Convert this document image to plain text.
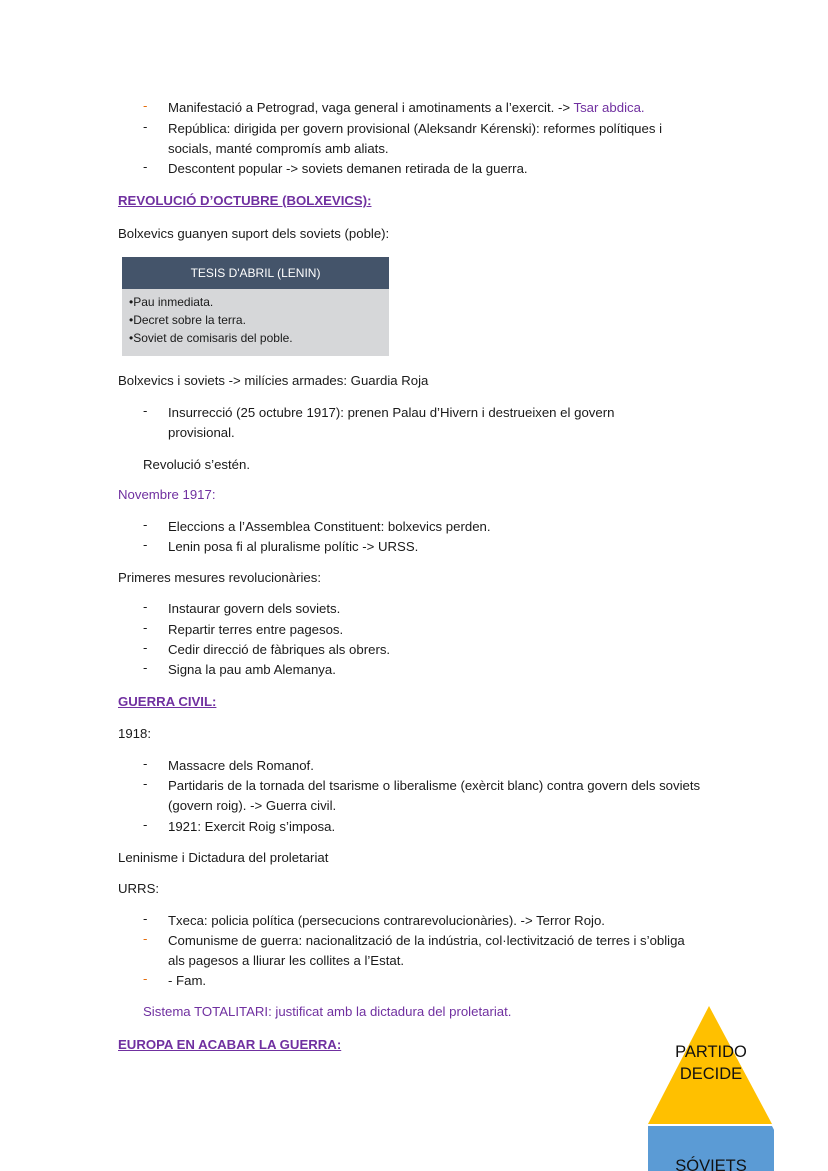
-	Manifestació a Petrograd, vaga general i amotinaments a l’exercit. -> Tsar abdica.
-	República: dirigida per govern provisional (Aleksandr Kérenski): reformes polítiques i socials, manté compromís amb aliats.
-	Descontent popular -> soviets demanen retirada de la guerra.
REVOLUCIÓ D’OCTUBRE (BOLXEVICS):
Bolxevics guanyen suport dels soviets (poble):
TESIS D'ABRIL (LENIN)
•Pau inmediata.
•Decret sobre la terra.
•Soviet de comisaris del poble.
Bolxevics i soviets -> milícies armades: Guardia Roja
-	Insurrecció (25 octubre 1917): prenen Palau d’Hivern i destrueixen el govern provisional.
Revolució s’estén.
Novembre 1917:
-	Eleccions a l’Assemblea Constituent: bolxevics perden.
-	Lenin posa fi al pluralisme polític -> URSS.
Primeres mesures revolucionàries:
-	Instaurar govern dels soviets.
-	Repartir terres entre pagesos.
-	Cedir direcció de fàbriques als obrers.
-	Signa la pau amb Alemanya.
GUERRA CIVIL:
1918:
-	Massacre dels Romanof.
-	Partidaris de la tornada del tsarisme o liberalisme (exèrcit blanc) contra govern dels soviets (govern roig). -> Guerra civil.
-	1921: Exercit Roig s’imposa.
Leninisme i Dictadura del proletariat
URRS:
-	Txeca: policia política (persecucions contrarevolucionàries). -> Terror Rojo.
-	Comunisme de guerra: nacionalització de la indústria, col·lectivització de terres i s’obliga als pagesos a lliurar les collites a l’Estat.
-	- Fam.
Sistema TOTALITARI: justificat amb la dictadura del proletariat.
EUROPA EN ACABAR LA GUERRA:	PARTIDO
DECIDE
SÓVIETS
